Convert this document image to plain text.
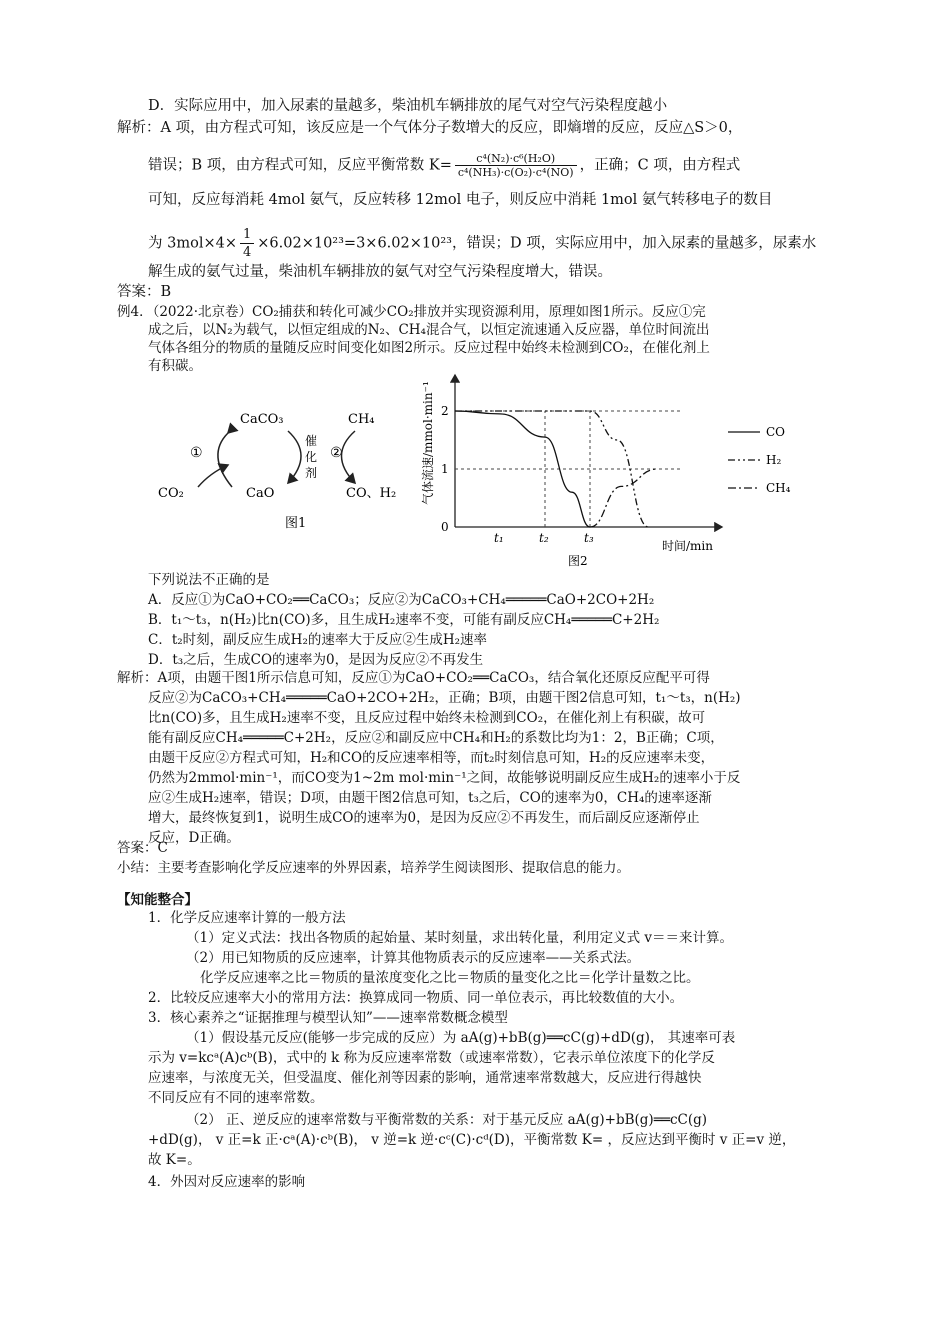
D．实际应用中，加入尿素的量越多，柴油机车辆排放的尾气对空气污染程度越小
解析：A 项，由方程式可知，该反应是一个气体分子数增大的反应，即熵增的反应，反应△S＞0，
错误；B 项，由方程式可知，反应平衡常数 $K= \frac{\text{c⁴(N₂)·c⁶(H₂O)}}{\text{c⁴(NH₃)·c(O₂)·c⁴(NO)}}$ ，正确；C 项，由方程式
可知，反应每消耗 4mol 氨气，反应转移 12mol 电子，则反应中消耗 1mol 氨气转移电子的数目
为 $3mol\times 4\times \frac{1}{4} \times 6.02\times 10^{23}=3\times 6.02\times 10^{23}$，错误；D 项，实际应用中，加入尿素的量越多，尿素水
解生成的氨气过量，柴油机车辆排放的氨气对空气污染程度增大，错误。
答案：B
例4．（2022·北京卷）CO₂捕获和转化可减少CO₂排放并实现资源利用，原理如图1所示。反应①完
成之后，以N₂为载气，以恒定组成的N₂、CH₄混合气，以恒定流速通入反应器，单位时间流出
气体各组分的物质的量随反应时间变化如图2所示。反应过程中始终未检测到CO₂，在催化剂上
有积碳。
CaCO₃	CH₄
①	②
催
化
剂
CO₂	CaO	CO、H₂
图1
气体流速/mmol·min⁻¹
时间/min
图2
0
1
2
t₁	t₂	t₃
CO
H₂
CH₄
下列说法不正确的是
A．反应①为CaO+CO₂══CaCO₃；反应②为CaCO₃+CH₄═════CaO+2CO+2H₂
B．t₁～t₃，n(H₂)比n(CO)多，且生成H₂速率不变，可能有副反应CH₄═════C+2H₂
C．t₂时刻，副反应生成H₂的速率大于反应②生成H₂速率
D．t₃之后，生成CO的速率为0，是因为反应②不再发生
解析：A项，由题干图1所示信息可知，反应①为CaO+CO₂══CaCO₃，结合氧化还原反应配平可得
反应②为CaCO₃+CH₄═════CaO+2CO+2H₂，正确；B项，由题干图2信息可知，t₁～t₃，n(H₂)
比n(CO)多，且生成H₂速率不变，且反应过程中始终未检测到CO₂，在催化剂上有积碳，故可
能有副反应CH₄═════C+2H₂，反应②和副反应中CH₄和H₂的系数比均为1：2，B正确；C项，
由题干反应②方程式可知，H₂和CO的反应速率相等，而t₂时刻信息可知，H₂的反应速率未变，
仍然为2mmol·min⁻¹，而CO变为1~2m mol·min⁻¹之间，故能够说明副反应生成H₂的速率小于反
应②生成H₂速率，错误；D项，由题干图2信息可知，t₃之后，CO的速率为0，CH₄的速率逐渐
增大，最终恢复到1，说明生成CO的速率为0，是因为反应②不再发生，而后副反应逐渐停止
反应，D正确。
答案：C
小结：主要考查影响化学反应速率的外界因素，培养学生阅读图形、提取信息的能力。
【知能整合】
1．化学反应速率计算的一般方法
（1）定义式法：找出各物质的起始量、某时刻量，求出转化量，利用定义式 v＝＝来计算。
（2）用已知物质的反应速率，计算其他物质表示的反应速率——关系式法。
化学反应速率之比＝物质的量浓度变化之比＝物质的量变化之比＝化学计量数之比。
2．比较反应速率大小的常用方法：换算成同一物质、同一单位表示，再比较数值的大小。
3．核心素养之“证据推理与模型认知”——速率常数概念模型
（1）假设基元反应(能够一步完成的反应）为 aA(g)+bB(g)══cC(g)+dD(g)， 其速率可表
示为 v=kcᵃ(A)cᵇ(B)，式中的 k 称为反应速率常数（或速率常数），它表示单位浓度下的化学反
应速率，与浓度无关，但受温度、催化剂等因素的影响，通常速率常数越大，反应进行得越快
不同反应有不同的速率常数。
（2） 正、逆反应的速率常数与平衡常数的关系：对于基元反应 aA(g)+bB(g)══cC(g)
+dD(g)， v 正=k 正·cᵃ(A)·cᵇ(B)， v 逆=k 逆·cᶜ(C)·cᵈ(D)，平衡常数 K= ，反应达到平衡时 v 正=v 逆，
故 K=。
4．外因对反应速率的影响
